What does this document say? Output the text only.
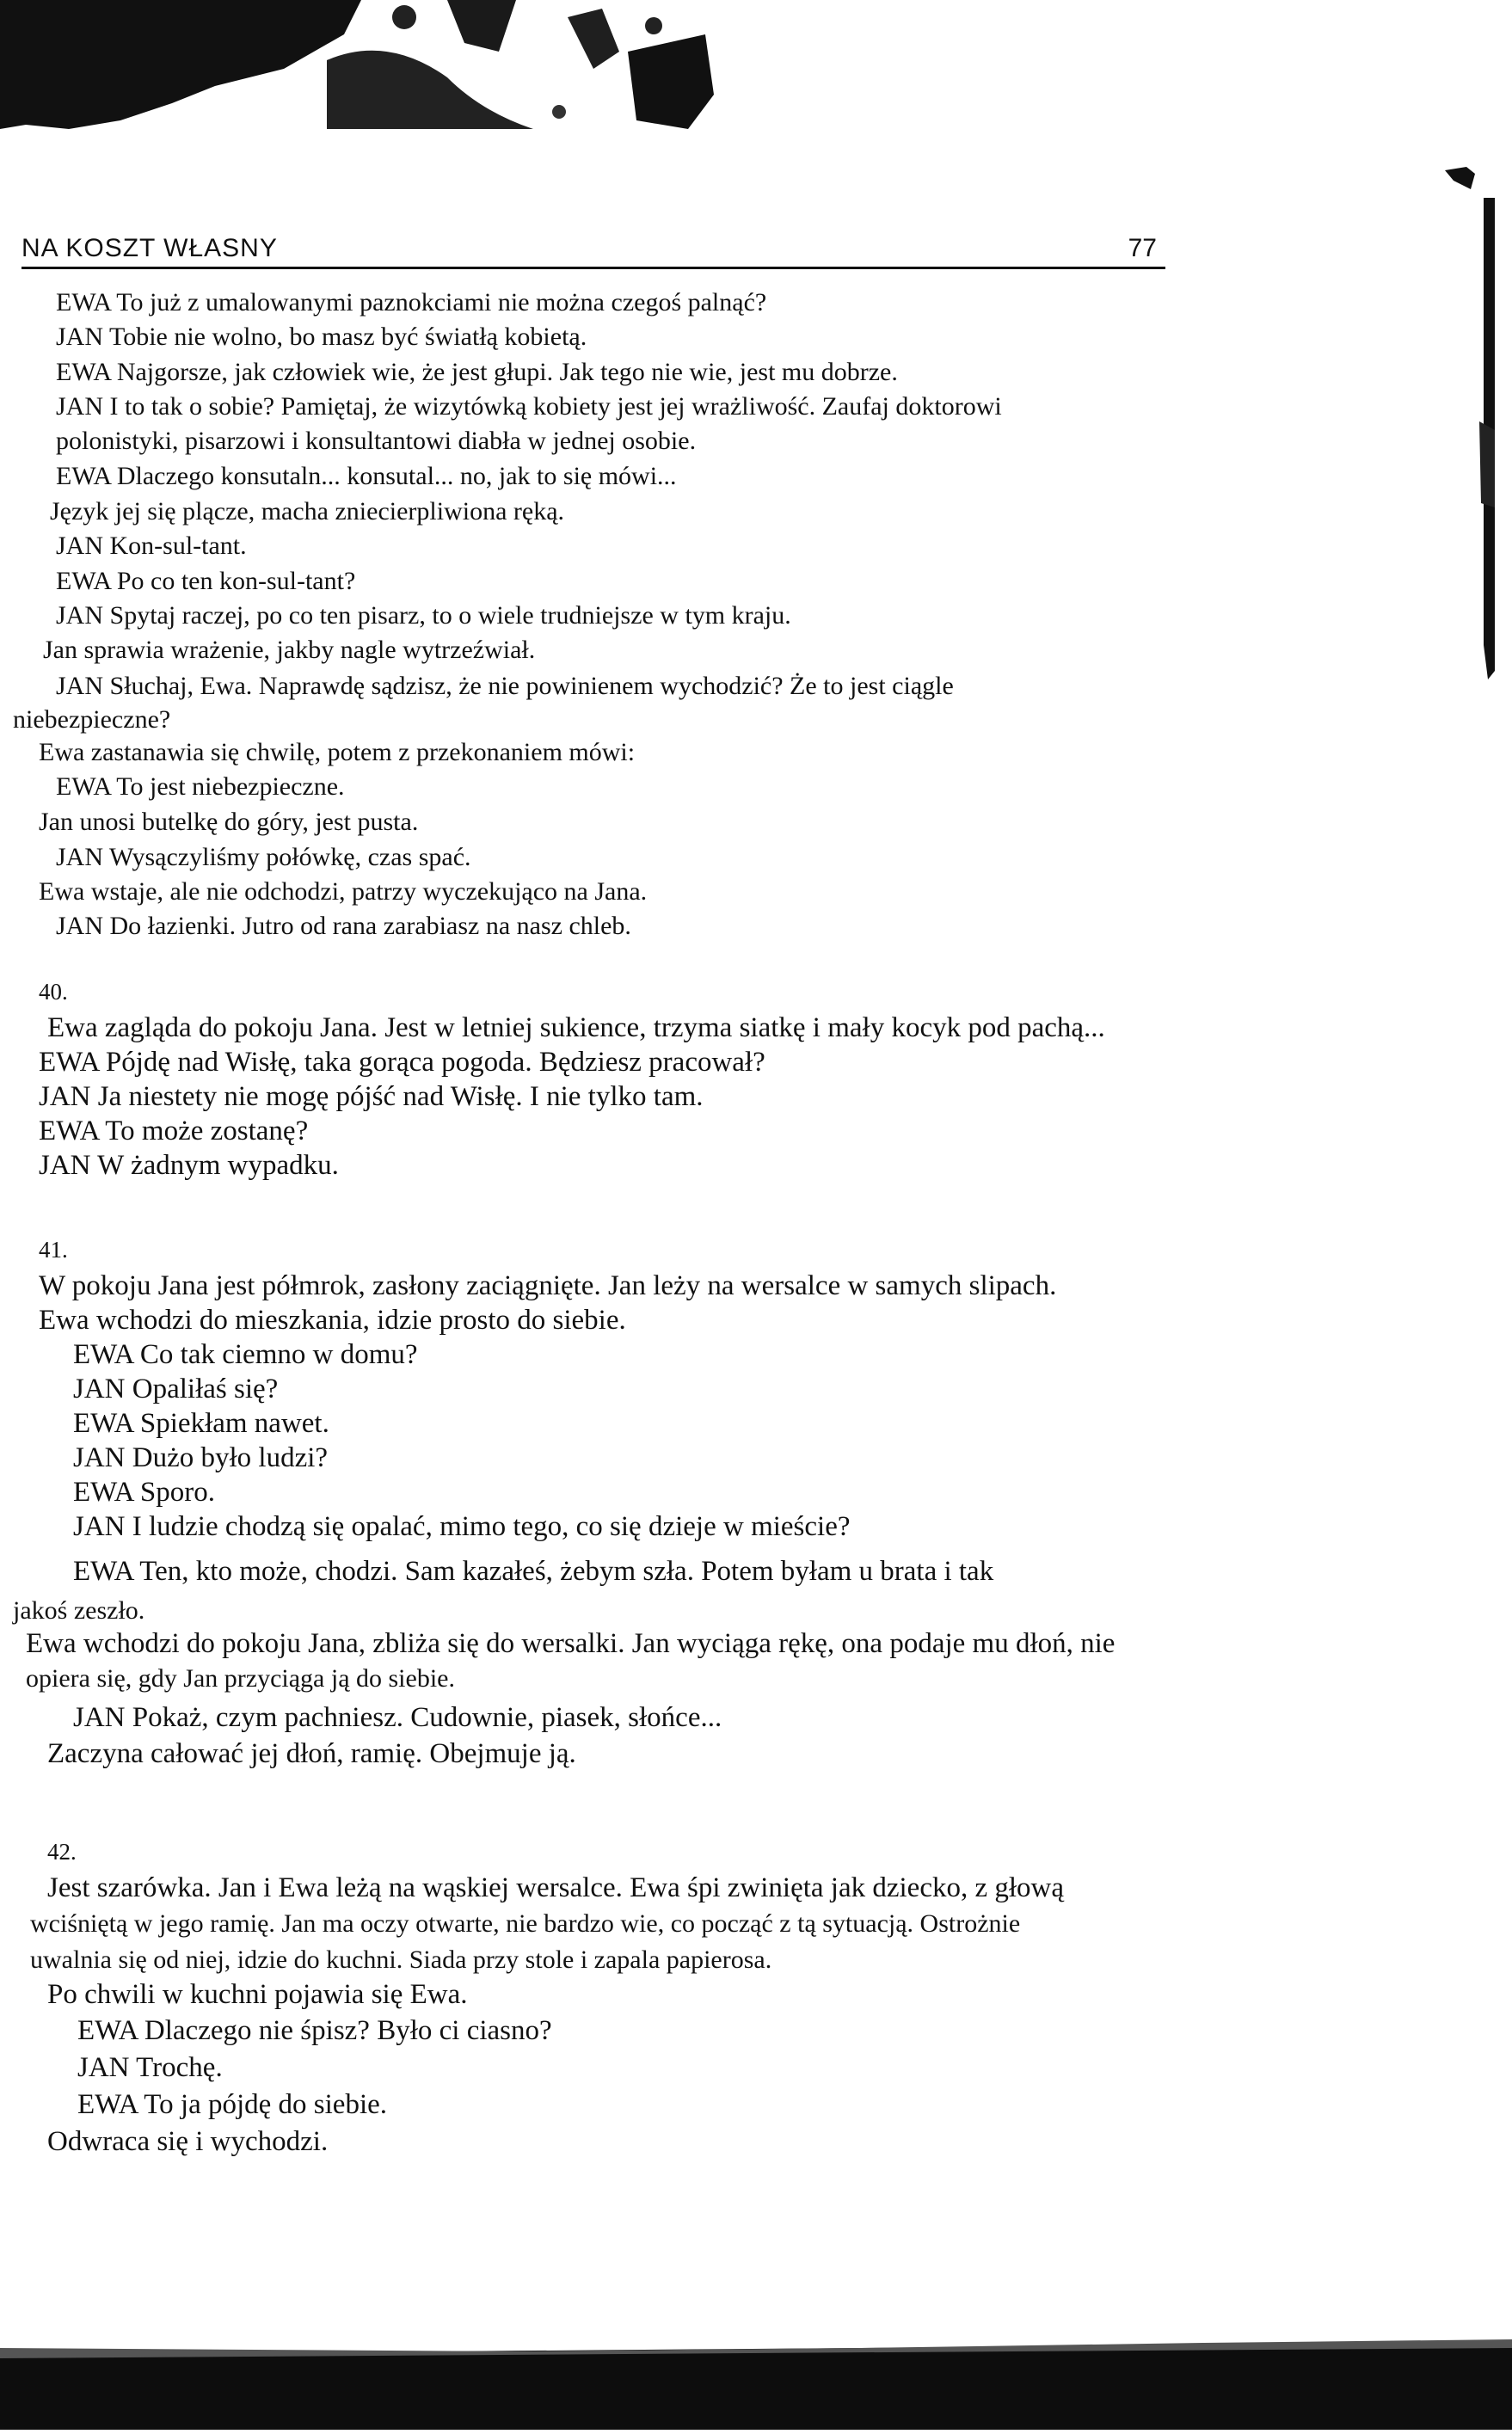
NA KOSZT WŁASNY	77
EWA To już z umalowanymi paznokciami nie można czegoś palnąć?
JAN Tobie nie wolno, bo masz być światłą kobietą.
EWA Najgorsze, jak człowiek wie, że jest głupi. Jak tego nie wie, jest mu dobrze.
JAN I to tak o sobie? Pamiętaj, że wizytówką kobiety jest jej wrażliwość. Zaufaj doktorowi
polonistyki, pisarzowi i konsultantowi diabła w jednej osobie.
EWA Dlaczego konsutaln... konsutal... no, jak to się mówi...
Język jej się plącze, macha zniecierpliwiona ręką.
JAN Kon-sul-tant.
EWA Po co ten kon-sul-tant?
JAN Spytaj raczej, po co ten pisarz, to o wiele trudniejsze w tym kraju.
Jan sprawia wrażenie, jakby nagle wytrzeźwiał.
JAN Słuchaj, Ewa. Naprawdę sądzisz, że nie powinienem wychodzić? Że to jest ciągle
niebezpieczne?
Ewa zastanawia się chwilę, potem z przekonaniem mówi:
EWA To jest niebezpieczne.
Jan unosi butelkę do góry, jest pusta.
JAN Wysączyliśmy połówkę, czas spać.
Ewa wstaje, ale nie odchodzi, patrzy wyczekująco na Jana.
JAN Do łazienki. Jutro od rana zarabiasz na nasz chleb.
40.
Ewa zagląda do pokoju Jana. Jest w letniej sukience, trzyma siatkę i mały kocyk pod pachą...
EWA Pójdę nad Wisłę, taka gorąca pogoda. Będziesz pracował?
JAN Ja niestety nie mogę pójść nad Wisłę. I nie tylko tam.
EWA To może zostanę?
JAN W żadnym wypadku.
41.
W pokoju Jana jest półmrok, zasłony zaciągnięte. Jan leży na wersalce w samych slipach.
Ewa wchodzi do mieszkania, idzie prosto do siebie.
EWA Co tak ciemno w domu?
JAN Opaliłaś się?
EWA Spiekłam nawet.
JAN Dużo było ludzi?
EWA Sporo.
JAN I ludzie chodzą się opalać, mimo tego, co się dzieje w mieście?
EWA Ten, kto może, chodzi. Sam kazałeś, żebym szła. Potem byłam u brata i tak
jakoś zeszło.
Ewa wchodzi do pokoju Jana, zbliża się do wersalki. Jan wyciąga rękę, ona podaje mu dłoń, nie
opiera się, gdy Jan przyciąga ją do siebie.
JAN Pokaż, czym pachniesz. Cudownie, piasek, słońce...
Zaczyna całować jej dłoń, ramię. Obejmuje ją.
42.
Jest szarówka. Jan i Ewa leżą na wąskiej wersalce. Ewa śpi zwinięta jak dziecko, z głową
wciśniętą w jego ramię. Jan ma oczy otwarte, nie bardzo wie, co począć z tą sytuacją. Ostrożnie
uwalnia się od niej, idzie do kuchni. Siada przy stole i zapala papierosa.
Po chwili w kuchni pojawia się Ewa.
EWA Dlaczego nie śpisz? Było ci ciasno?
JAN Trochę.
EWA To ja pójdę do siebie.
Odwraca się i wychodzi.
